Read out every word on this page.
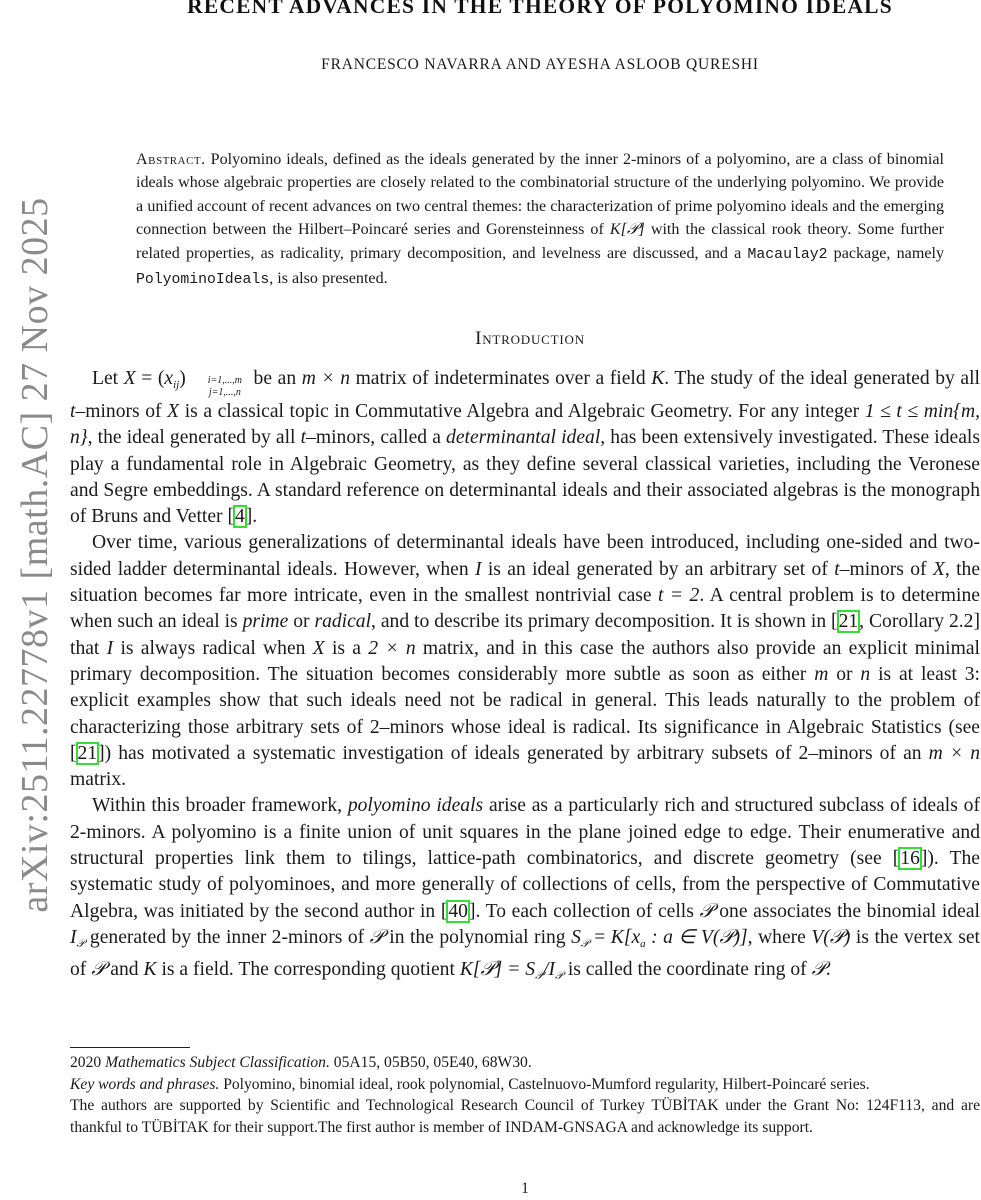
arXiv:2511.22778v1 [math.AC] 27 Nov 2025
RECENT ADVANCES IN THE THEORY OF POLYOMINO IDEALS
FRANCESCO NAVARRA AND AYESHA ASLOOB QURESHI
Abstract. Polyomino ideals, defined as the ideals generated by the inner 2-minors of a polyomino, are a class of binomial ideals whose algebraic properties are closely related to the combinatorial structure of the underlying polyomino. We provide a unified account of recent advances on two central themes: the characterization of prime polyomino ideals and the emerging connection between the Hilbert–Poincaré series and Gorensteinness of K[𝒫] with the classical rook theory. Some further related properties, as radicality, primary decomposition, and levelness are discussed, and a Macaulay2 package, namely PolyominoIdeals, is also presented.
Introduction

Let $X = (x_{ij})$	i=1,...,m
j=1,...,n
be an m × n matrix of indeterminates over a field K. The study of the ideal generated by all t–minors of X is a classical topic in Commutative Algebra and Algebraic Geometry. For any integer 1 ≤ t ≤ min{m, n}, the ideal generated by all t–minors, called a determinantal ideal, has been extensively investigated. These ideals play a fundamental role in Algebraic Geometry, as they define several classical varieties, including the Veronese and Segre embeddings. A standard reference on determinantal ideals and their associated algebras is the monograph of Bruns and Vetter [4].

Over time, various generalizations of determinantal ideals have been introduced, including one-sided and two-sided ladder determinantal ideals. However, when I is an ideal generated by an arbitrary set of t–minors of X, the situation becomes far more intricate, even in the smallest nontrivial case t = 2. A central problem is to determine when such an ideal is prime or radical, and to describe its primary decomposition. It is shown in [21, Corollary 2.2] that I is always radical when X is a 2 × n matrix, and in this case the authors also provide an explicit minimal primary decomposition. The situation becomes considerably more subtle as soon as either m or n is at least 3: explicit examples show that such ideals need not be radical in general. This leads naturally to the problem of characterizing those arbitrary sets of 2–minors whose ideal is radical. Its significance in Algebraic Statistics (see [21]) has motivated a systematic investigation of ideals generated by arbitrary subsets of 2–minors of an m × n matrix.

Within this broader framework, polyomino ideals arise as a particularly rich and structured subclass of ideals of 2-minors. A polyomino is a finite union of unit squares in the plane joined edge to edge. Their enumerative and structural properties link them to tilings, lattice-path combinatorics, and discrete geometry (see [16]). The systematic study of polyominoes, and more generally of collections of cells, from the perspective of Commutative Algebra, was initiated by the second author in [40]. To each collection of cells 𝒫 one associates the binomial ideal $I_𝒫$ generated by the inner 2-minors of 𝒫 in the polynomial ring $S_𝒫 = K[x_a$ : a ∈ V(𝒫)], where V(𝒫) is the vertex set of 𝒫 and K is a field. The corresponding quotient K[𝒫] = $S_𝒫/I_𝒫$ is called the coordinate ring of 𝒫.

2020 Mathematics Subject Classification. 05A15, 05B50, 05E40, 68W30.
Key words and phrases. Polyomino, binomial ideal, rook polynomial, Castelnuovo-Mumford regularity, Hilbert-Poincaré series.
The authors are supported by Scientific and Technological Research Council of Turkey TÜBİTAK under the Grant No: 124F113, and are thankful to TÜBİTAK for their support.The first author is member of INDAM-GNSAGA and acknowledge its support.
1
